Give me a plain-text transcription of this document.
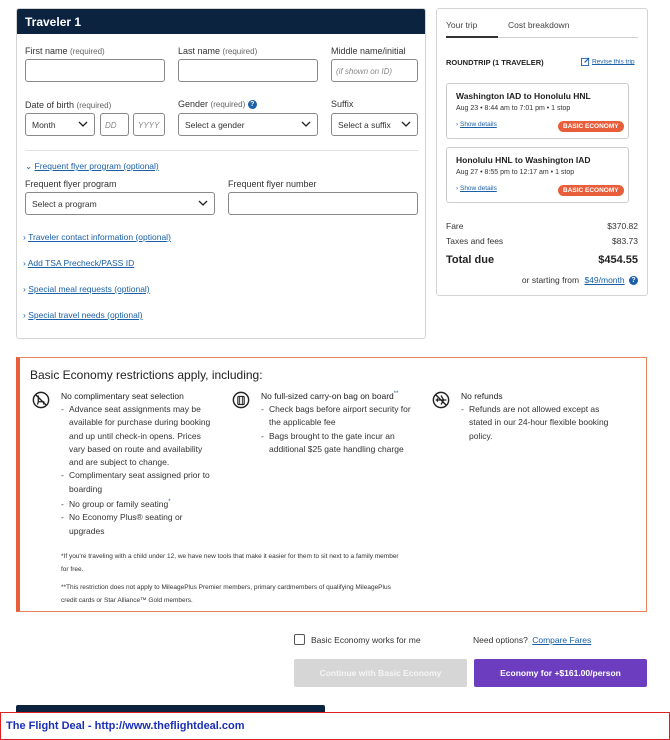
Traveler 1
First name (required)	Last name (required)	Middle name/initial
(if shown on ID)
Date of birth (required)	Gender (required) ?	Suffix
Month	DD	YYYY	Select a gender	Select a suffix
⌄ Frequent flyer program (optional)
Frequent flyer program	Frequent flyer number
Select a program
› Traveler contact information (optional)
› Add TSA Precheck/PASS ID
› Special meal requests (optional)
› Special travel needs (optional)
Your trip	Cost breakdown
ROUNDTRIP (1 TRAVELER)	Revise this trip
Washington IAD to Honolulu HNL
Aug 23 • 8:44 am to 7:01 pm • 1 stop
› Show details	BASIC ECONOMY
Honolulu HNL to Washington IAD
Aug 27 • 8:55 pm to 12:17 am • 1 stop
› Show details	BASIC ECONOMY
Fare	$370.82
Taxes and fees	$83.73
Total due	$454.55
or starting from $49/month ?
Basic Economy restrictions apply, including:
No complimentary seat selection
- Advance seat assignments may be
available for purchase during booking
and up until check-in opens. Prices
vary based on route and availability
and are subject to change.
- Complimentary seat assigned prior to
boarding
- No group or family seating*
- No Economy Plus® seating or
upgrades
No full-sized carry-on bag on board**
- Check bags before airport security for
the applicable fee
- Bags brought to the gate incur an
additional $25 gate handling charge
No refunds
- Refunds are not allowed except as
stated in our 24-hour flexible booking
policy.
*If you're traveling with a child under 12, we have new tools that make it easier for them to sit next to a family member
for free.
**This restriction does not apply to MileagePlus Premier members, primary cardmembers of qualifying MileagePlus
credit cards or Star Alliance™ Gold members.
Basic Economy works for me	Need options? Compare Fares
Continue with Basic Economy	Economy for +$161.00/person
The Flight Deal - http://www.theflightdeal.com
